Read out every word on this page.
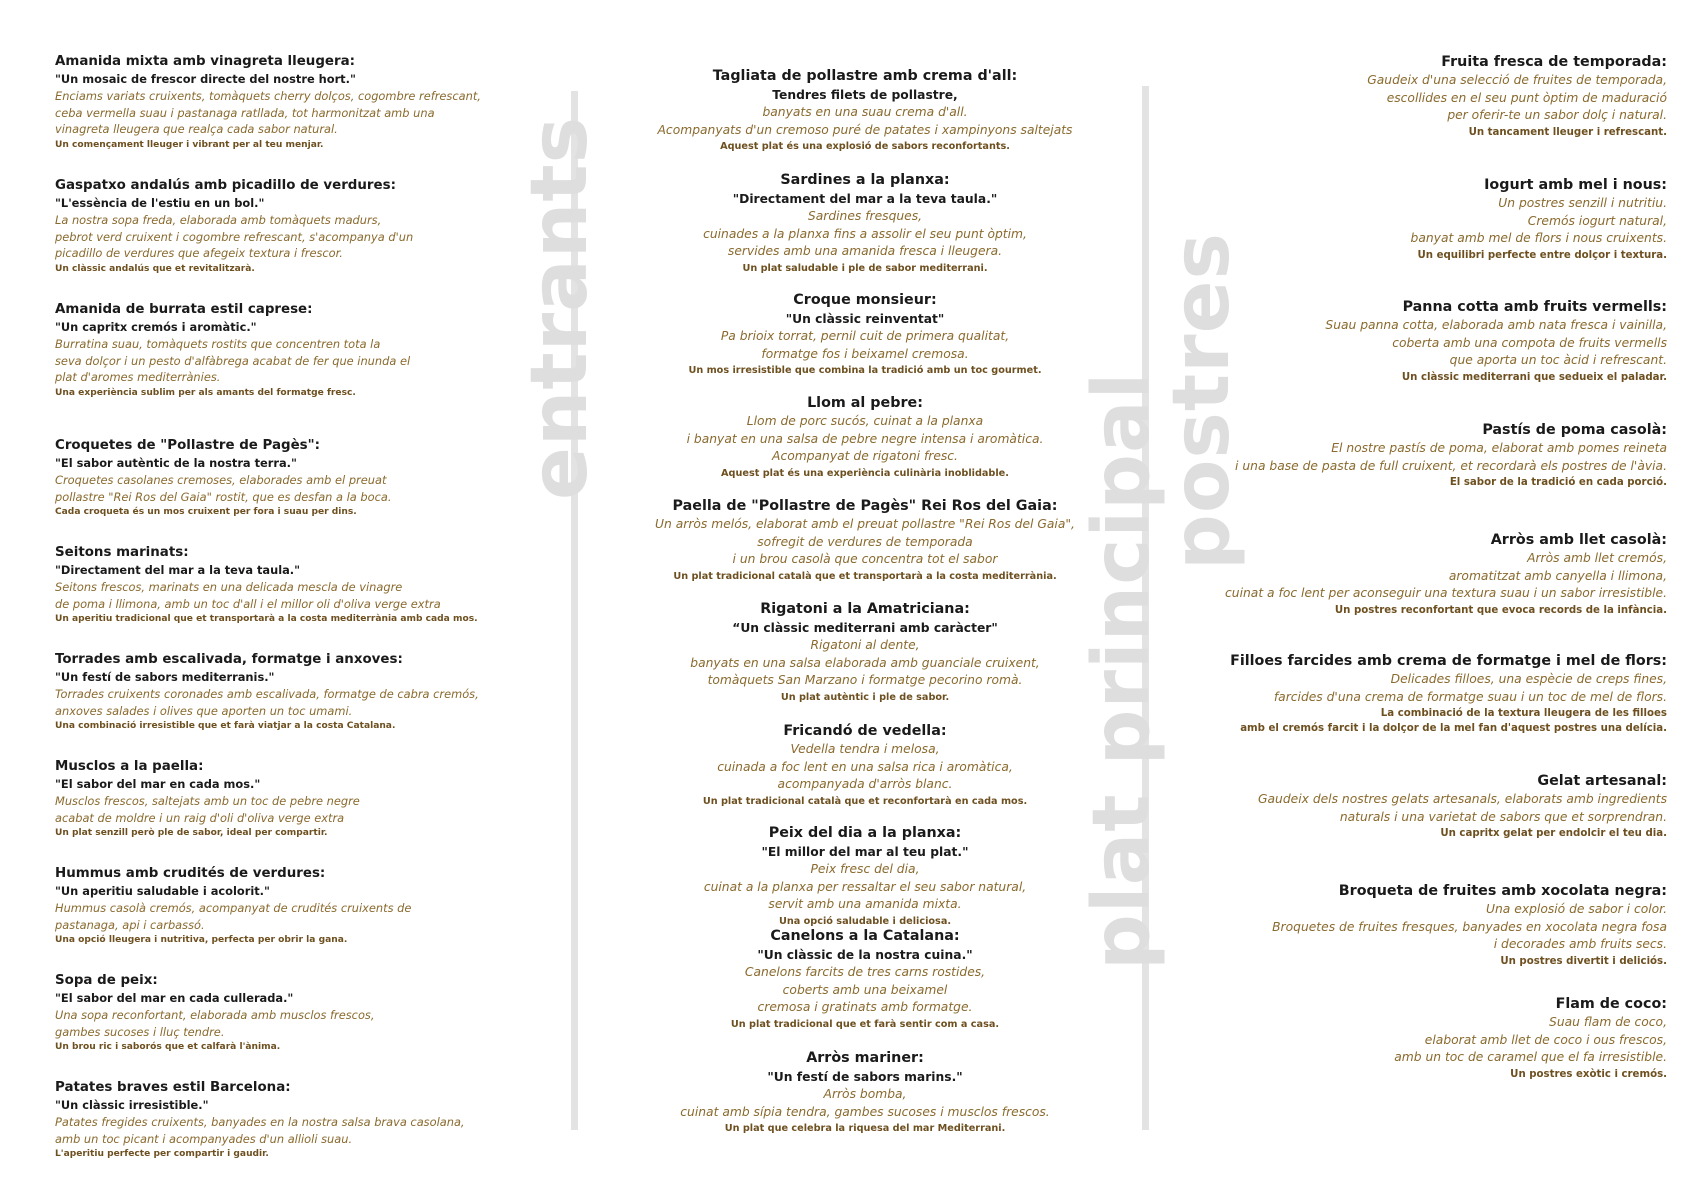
Amanida mixta amb vinagreta lleugera:
"Un mosaic de frescor directe del nostre hort."
Enciams variats cruixents, tomàquets cherry dolços, cogombre refrescant,
ceba vermella suau i pastanaga ratllada, tot harmonitzat amb una
vinagreta lleugera que realça cada sabor natural.
Un començament lleuger i vibrant per al teu menjar.
Gaspatxo andalús amb picadillo de verdures:
"L'essència de l'estiu en un bol."
La nostra sopa freda, elaborada amb tomàquets madurs,
pebrot verd cruixent i cogombre refrescant, s'acompanya d'un
picadillo de verdures que afegeix textura i frescor.
Un clàssic andalús que et revitalitzarà.
Amanida de burrata estil caprese:
"Un capritx cremós i aromàtic."
Burratina suau, tomàquets rostits que concentren tota la
seva dolçor i un pesto d'alfàbrega acabat de fer que inunda el
plat d'aromes mediterrànies.
Una experiència sublim per als amants del formatge fresc.
Croquetes de "Pollastre de Pagès":
"El sabor autèntic de la nostra terra."
Croquetes casolanes cremoses, elaborades amb el preuat
pollastre "Rei Ros del Gaia" rostit, que es desfan a la boca.
Cada croqueta és un mos cruixent per fora i suau per dins.
Seitons marinats:
"Directament del mar a la teva taula."
Seitons frescos, marinats en una delicada mescla de vinagre
de poma i llimona, amb un toc d'all i el millor oli d'oliva verge extra
Un aperitiu tradicional que et transportarà a la costa mediterrània amb cada mos.
Torrades amb escalivada, formatge i anxoves:
"Un festí de sabors mediterranis."
Torrades cruixents coronades amb escalivada, formatge de cabra cremós,
anxoves salades i olives que aporten un toc umami.
Una combinació irresistible que et farà viatjar a la costa Catalana.
Musclos a la paella:
"El sabor del mar en cada mos."
Musclos frescos, saltejats amb un toc de pebre negre
acabat de moldre i un raig d'oli d'oliva verge extra
Un plat senzill però ple de sabor, ideal per compartir.
Hummus amb crudités de verdures:
"Un aperitiu saludable i acolorit."
Hummus casolà cremós, acompanyat de crudités cruixents de
pastanaga, api i carbassó.
Una opció lleugera i nutritiva, perfecta per obrir la gana.
Sopa de peix:
"El sabor del mar en cada cullerada."
Una sopa reconfortant, elaborada amb musclos frescos,
gambes sucoses i lluç tendre.
Un brou ric i saborós que et calfarà l'ànima.
Patates braves estil Barcelona:
"Un clàssic irresistible."
Patates fregides cruixents, banyades en la nostra salsa brava casolana,
amb un toc picant i acompanyades d'un allioli suau.
L'aperitiu perfecte per compartir i gaudir.
Tagliata de pollastre amb crema d'all:
Tendres filets de pollastre,
banyats en una suau crema d'all.
Acompanyats d'un cremoso puré de patates i xampinyons saltejats
Aquest plat és una explosió de sabors reconfortants.
Sardines a la planxa:
"Directament del mar a la teva taula."
Sardines fresques,
cuinades a la planxa fins a assolir el seu punt òptim,
servides amb una amanida fresca i lleugera.
Un plat saludable i ple de sabor mediterrani.
Croque monsieur:
"Un clàssic reinventat"
Pa brioix torrat, pernil cuit de primera qualitat,
formatge fos i beixamel cremosa.
Un mos irresistible que combina la tradició amb un toc gourmet.
Llom al pebre:
Llom de porc sucós, cuinat a la planxa
i banyat en una salsa de pebre negre intensa i aromàtica.
Acompanyat de rigatoni fresc.
Aquest plat és una experiència culinària inoblidable.
Paella de "Pollastre de Pagès" Rei Ros del Gaia:
Un arròs melós, elaborat amb el preuat pollastre "Rei Ros del Gaia",
sofregit de verdures de temporada
i un brou casolà que concentra tot el sabor
Un plat tradicional català que et transportarà a la costa mediterrània.
Rigatoni a la Amatriciana:
“Un clàssic mediterrani amb caràcter"
Rigatoni al dente,
banyats en una salsa elaborada amb guanciale cruixent,
tomàquets San Marzano i formatge pecorino romà.
Un plat autèntic i ple de sabor.
Fricandó de vedella:
Vedella tendra i melosa,
cuinada a foc lent en una salsa rica i aromàtica,
acompanyada d'arròs blanc.
Un plat tradicional català que et reconfortarà en cada mos.
Peix del dia a la planxa:
"El millor del mar al teu plat."
Peix fresc del dia,
cuinat a la planxa per ressaltar el seu sabor natural,
servit amb una amanida mixta.
Una opció saludable i deliciosa.
Canelons a la Catalana:
"Un clàssic de la nostra cuina."
Canelons farcits de tres carns rostides,
coberts amb una beixamel
cremosa i gratinats amb formatge.
Un plat tradicional que et farà sentir com a casa.
Arròs mariner:
"Un festí de sabors marins."
Arròs bomba,
cuinat amb sípia tendra, gambes sucoses i musclos frescos.
Un plat que celebra la riquesa del mar Mediterrani.
Fruita fresca de temporada:
Gaudeix d'una selecció de fruites de temporada,
escollides en el seu punt òptim de maduració
per oferir-te un sabor dolç i natural.
Un tancament lleuger i refrescant.
Iogurt amb mel i nous:
Un postres senzill i nutritiu.
Cremós iogurt natural,
banyat amb mel de flors i nous cruixents.
Un equilibri perfecte entre dolçor i textura.
Panna cotta amb fruits vermells:
Suau panna cotta, elaborada amb nata fresca i vainilla,
coberta amb una compota de fruits vermells
que aporta un toc àcid i refrescant.
Un clàssic mediterrani que sedueix el paladar.
Pastís de poma casolà:
El nostre pastís de poma, elaborat amb pomes reineta
i una base de pasta de full cruixent, et recordarà els postres de l'àvia.
El sabor de la tradició en cada porció.
Arròs amb llet casolà:
Arròs amb llet cremós,
aromatitzat amb canyella i llimona,
cuinat a foc lent per aconseguir una textura suau i un sabor irresistible.
Un postres reconfortant que evoca records de la infància.
Filloes farcides amb crema de formatge i mel de flors:
Delicades filloes, una espècie de creps fines,
farcides d'una crema de formatge suau i un toc de mel de flors.
La combinació de la textura lleugera de les filloes
amb el cremós farcit i la dolçor de la mel fan d'aquest postres una delícia.
Gelat artesanal:
Gaudeix dels nostres gelats artesanals, elaborats amb ingredients
naturals i una varietat de sabors que et sorprendran.
Un capritx gelat per endolcir el teu dia.
Broqueta de fruites amb xocolata negra:
Una explosió de sabor i color.
Broquetes de fruites fresques, banyades en xocolata negra fosa
i decorades amb fruits secs.
Un postres divertit i deliciós.
Flam de coco:
Suau flam de coco,
elaborat amb llet de coco i ous frescos,
amb un toc de caramel que el fa irresistible.
Un postres exòtic i cremós.
entrants
plat principal
postres
